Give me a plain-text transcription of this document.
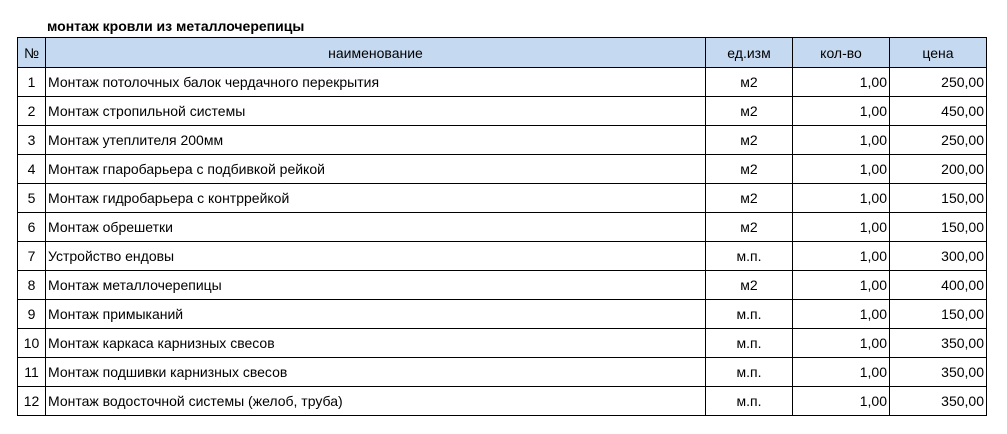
монтаж кровли из металлочерепицы
№	наименование	ед.изм	кол-во	цена
1	Монтаж потолочных балок чердачного перекрытия	м2	1,00	250,00
2	Монтаж стропильной системы	м2	1,00	450,00
3	Монтаж утеплителя 200мм	м2	1,00	250,00
4	Монтаж гпаробарьера с подбивкой рейкой	м2	1,00	200,00
5	Монтаж гидробарьера с контррейкой	м2	1,00	150,00
6	Монтаж обрешетки	м2	1,00	150,00
7	Устройство ендовы	м.п.	1,00	300,00
8	Монтаж металлочерепицы	м2	1,00	400,00
9	Монтаж примыканий	м.п.	1,00	150,00
10	Монтаж каркаса карнизных свесов	м.п.	1,00	350,00
11	Монтаж подшивки карнизных свесов	м.п.	1,00	350,00
12	Монтаж водосточной системы (желоб, труба)	м.п.	1,00	350,00
